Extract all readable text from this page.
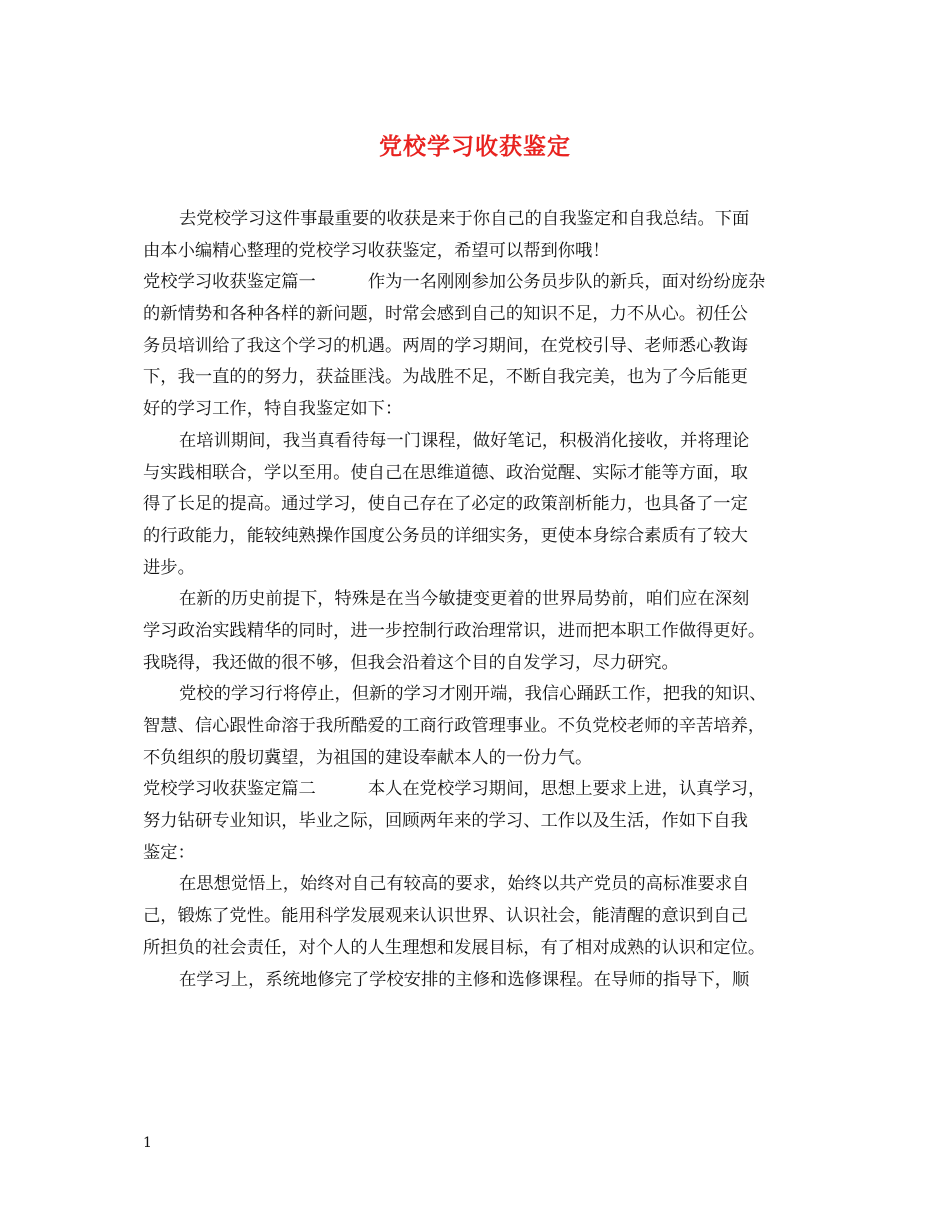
党校学习收获鉴定
去党校学习这件事最重要的收获是来于你自己的自我鉴定和自我总结。下面
由本小编精心整理的党校学习收获鉴定，希望可以帮到你哦！
党校学习收获鉴定篇一	作为一名刚刚参加公务员步队的新兵，面对纷纷庞杂
的新情势和各种各样的新问题，时常会感到自己的知识不足，力不从心。初任公
务员培训给了我这个学习的机遇。两周的学习期间，在党校引导、老师悉心教诲
下，我一直的的努力，获益匪浅。为战胜不足，不断自我完美，也为了今后能更
好的学习工作，特自我鉴定如下：
在培训期间，我当真看待每一门课程，做好笔记，积极消化接收，并将理论
与实践相联合，学以至用。使自己在思维道德、政治觉醒、实际才能等方面，取
得了长足的提高。通过学习，使自己存在了必定的政策剖析能力，也具备了一定
的行政能力，能较纯熟操作国度公务员的详细实务，更使本身综合素质有了较大
进步。
在新的历史前提下，特殊是在当今敏捷变更着的世界局势前，咱们应在深刻
学习政治实践精华的同时，进一步控制行政治理常识，进而把本职工作做得更好。
我晓得，我还做的很不够，但我会沿着这个目的自发学习，尽力研究。
党校的学习行将停止，但新的学习才刚开端，我信心踊跃工作，把我的知识、
智慧、信心跟性命溶于我所酷爱的工商行政管理事业。不负党校老师的辛苦培养，
不负组织的殷切冀望，为祖国的建设奉献本人的一份力气。
党校学习收获鉴定篇二	本人在党校学习期间，思想上要求上进，认真学习，
努力钻研专业知识，毕业之际，回顾两年来的学习、工作以及生活，作如下自我
鉴定：
在思想觉悟上，始终对自己有较高的要求，始终以共产党员的高标准要求自
己，锻炼了党性。能用科学发展观来认识世界、认识社会，能清醒的意识到自己
所担负的社会责任，对个人的人生理想和发展目标，有了相对成熟的认识和定位。
在学习上，系统地修完了学校安排的主修和选修课程。在导师的指导下，顺
1
